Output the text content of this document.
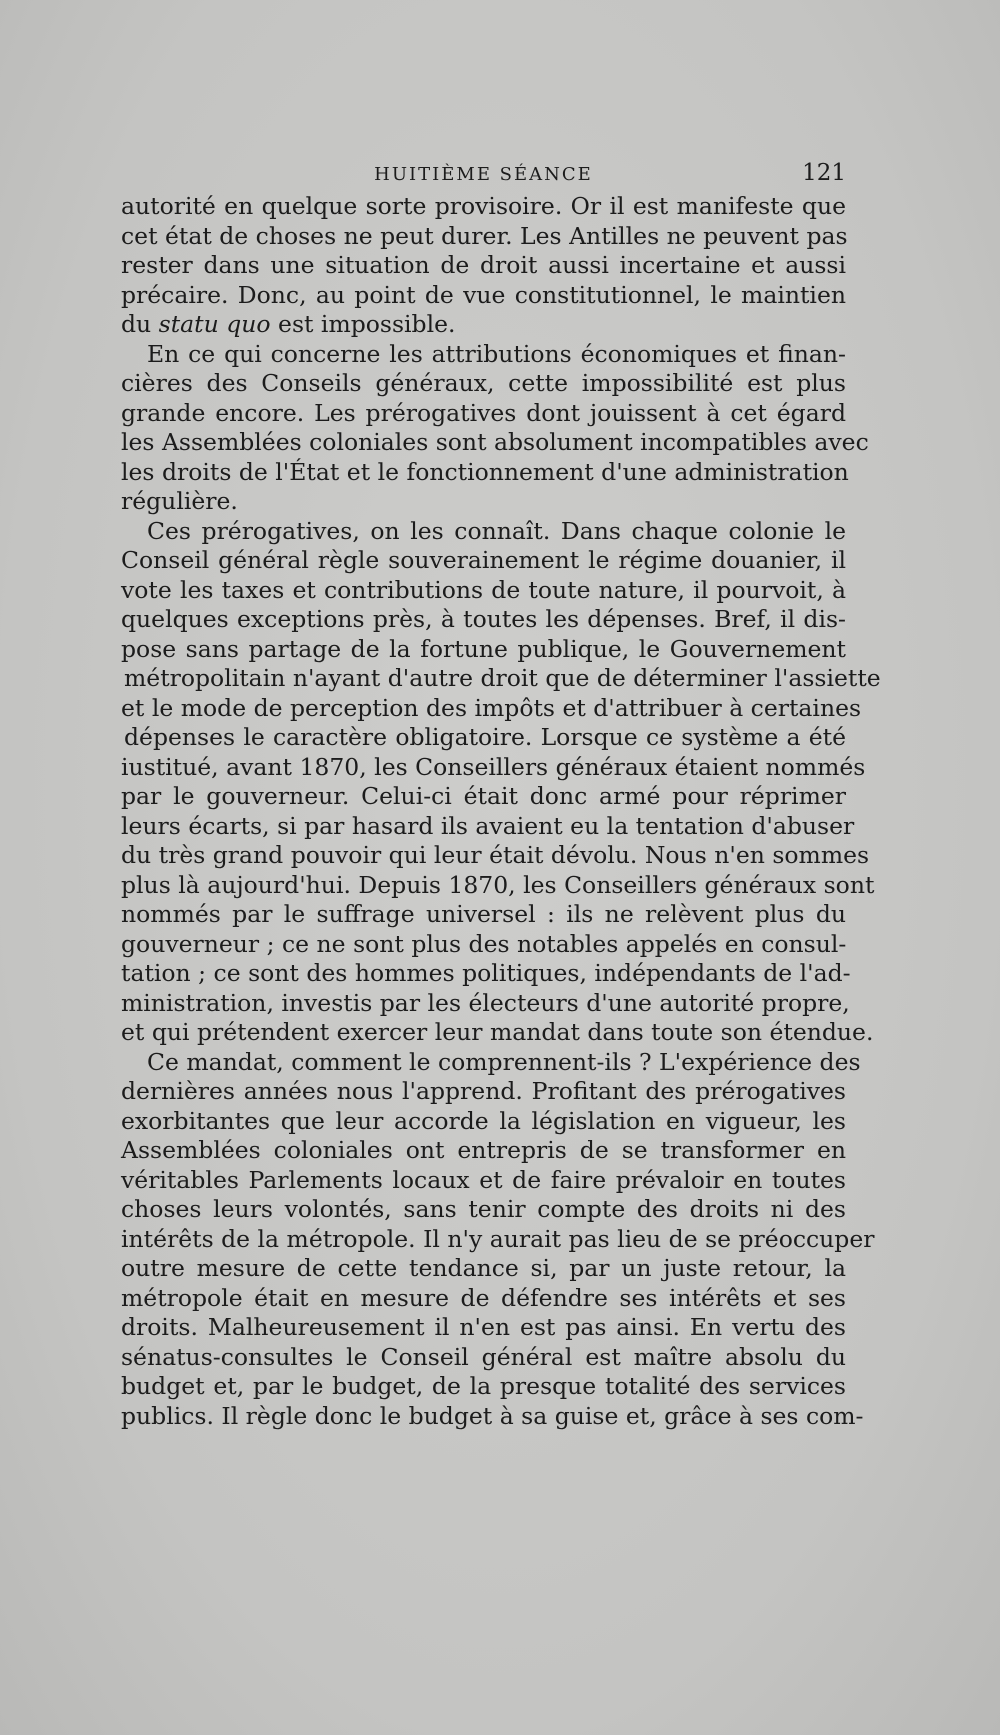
HUITIÈME SÉANCE	121
autorité en quelque sorte provisoire. Or il est manifeste que
cet état de choses ne peut durer. Les Antilles ne peuvent pas
rester dans une situation de droit aussi incertaine et aussi
précaire. Donc, au point de vue constitutionnel, le maintien
du statu quo est impossible.
En ce qui concerne les attributions économiques et finan-
cières des Conseils généraux, cette impossibilité est plus
grande encore. Les prérogatives dont jouissent à cet égard
les Assemblées coloniales sont absolument incompatibles avec
les droits de l'État et le fonctionnement d'une administration
régulière.
Ces prérogatives, on les connaît. Dans chaque colonie le
Conseil général règle souverainement le régime douanier, il
vote les taxes et contributions de toute nature, il pourvoit, à
quelques exceptions près, à toutes les dépenses. Bref, il dis-
pose sans partage de la fortune publique, le Gouvernement
métropolitain n'ayant d'autre droit que de déterminer l'assiette
et le mode de perception des impôts et d'attribuer à certaines
dépenses le caractère obligatoire. Lorsque ce système a été
iustitué, avant 1870, les Conseillers généraux étaient nommés
par le gouverneur. Celui-ci était donc armé pour réprimer
leurs écarts, si par hasard ils avaient eu la tentation d'abuser
du très grand pouvoir qui leur était dévolu. Nous n'en sommes
plus là aujourd'hui. Depuis 1870, les Conseillers généraux sont
nommés par le suffrage universel : ils ne relèvent plus du
gouverneur ; ce ne sont plus des notables appelés en consul-
tation ; ce sont des hommes politiques, indépendants de l'ad-
ministration, investis par les électeurs d'une autorité propre,
et qui prétendent exercer leur mandat dans toute son étendue.
Ce mandat, comment le comprennent-ils ? L'expérience des
dernières années nous l'apprend. Profitant des prérogatives
exorbitantes que leur accorde la législation en vigueur, les
Assemblées coloniales ont entrepris de se transformer en
véritables Parlements locaux et de faire prévaloir en toutes
choses leurs volontés, sans tenir compte des droits ni des
intérêts de la métropole. Il n'y aurait pas lieu de se préoccuper
outre mesure de cette tendance si, par un juste retour, la
métropole était en mesure de défendre ses intérêts et ses
droits. Malheureusement il n'en est pas ainsi. En vertu des
sénatus-consultes le Conseil général est maître absolu du
budget et, par le budget, de la presque totalité des services
publics. Il règle donc le budget à sa guise et, grâce à ses com-
